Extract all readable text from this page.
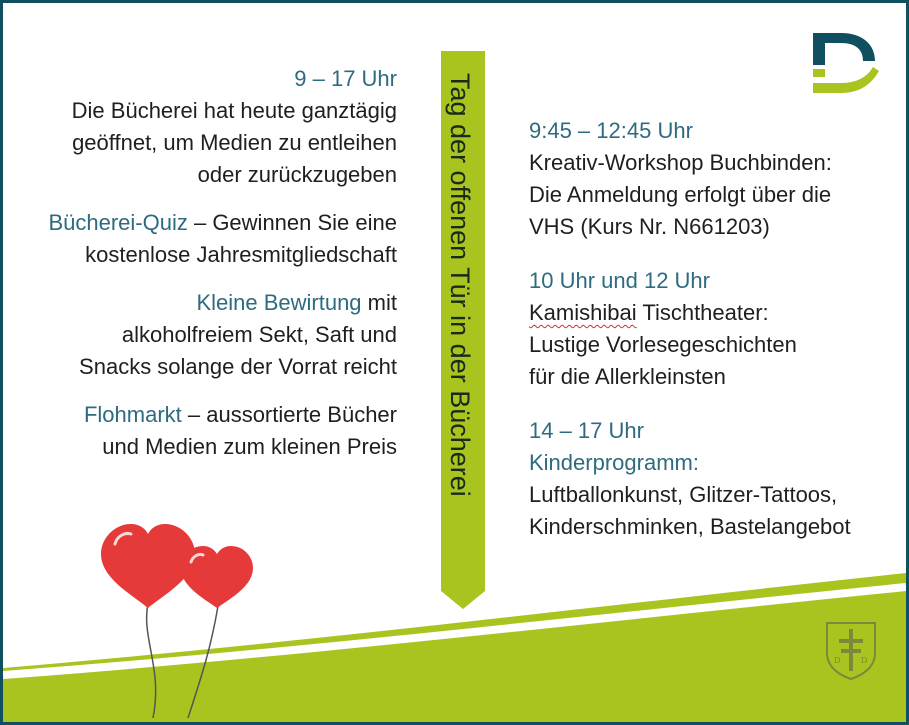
9 – 17 Uhr
Die Bücherei hat heute ganztägig
geöffnet, um Medien zu entleihen
oder zurückzugeben
Bücherei-Quiz – Gewinnen Sie eine
kostenlose Jahresmitgliedschaft
Kleine Bewirtung mit
alkoholfreiem Sekt, Saft und
Snacks solange der Vorrat reicht
Flohmarkt – aussortierte Bücher
und Medien zum kleinen Preis Tag der offenen Tür in der Bücherei 9:45 – 12:45 Uhr
Kreativ-Workshop Buchbinden:
Die Anmeldung erfolgt über die
VHS (Kurs Nr. N661203)
10 Uhr und 12 Uhr
Kamishibai Tischtheater:
Lustige Vorlesegeschichten
für die Allerkleinsten
14 – 17 Uhr
Kinderprogramm:
Luftballonkunst, Glitzer-Tattoos,
Kinderschminken, Bastelangebot
D	D
